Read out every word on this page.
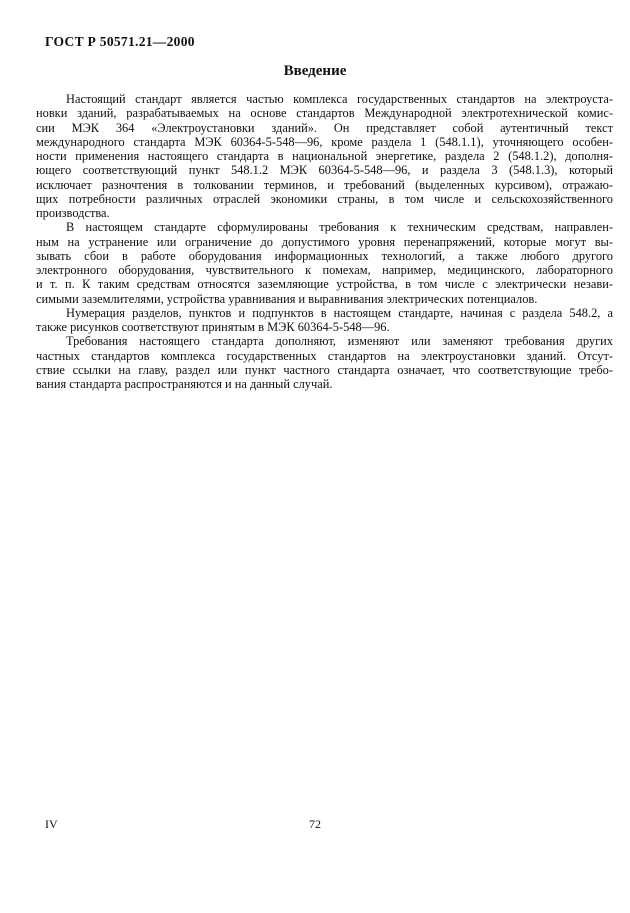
ГОСТ Р 50571.21—2000
Введение
Настоящий стандарт является частью комплекса государственных стандартов на электроуста-
новки зданий, разрабатываемых на основе стандартов Международной электротехнической комис-
сии МЭК 364 «Электроустановки зданий». Он представляет собой аутентичный текст
международного стандарта МЭК 60364-5-548—96, кроме раздела 1 (548.1.1), уточняющего особен-
ности применения настоящего стандарта в национальной энергетике, раздела 2 (548.1.2), дополня-
ющего соответствующий пункт 548.1.2 МЭК 60364-5-548—96, и раздела 3 (548.1.3), который
исключает разночтения в толковании терминов, и требований (выделенных курсивом), отражаю-
щих потребности различных отраслей экономики страны, в том числе и сельскохозяйственного
производства.
В настоящем стандарте сформулированы требования к техническим средствам, направлен-
ным на устранение или ограничение до допустимого уровня перенапряжений, которые могут вы-
зывать сбои в работе оборудования информационных технологий, а также любого другого
электронного оборудования, чувствительного к помехам, например, медицинского, лабораторного
и т. п. К таким средствам относятся заземляющие устройства, в том числе с электрически незави-
симыми заземлителями, устройства уравнивания и выравнивания электрических потенциалов.
Нумерация разделов, пунктов и подпунктов в настоящем стандарте, начиная с раздела 548.2, а
также рисунков соответствуют принятым в МЭК 60364-5-548—96.
Требования настоящего стандарта дополняют, изменяют или заменяют требования других
частных стандартов комплекса государственных стандартов на электроустановки зданий. Отсут-
ствие ссылки на главу, раздел или пункт частного стандарта означает, что соответствующие требо-
вания стандарта распространяются и на данный случай.
IV	72
